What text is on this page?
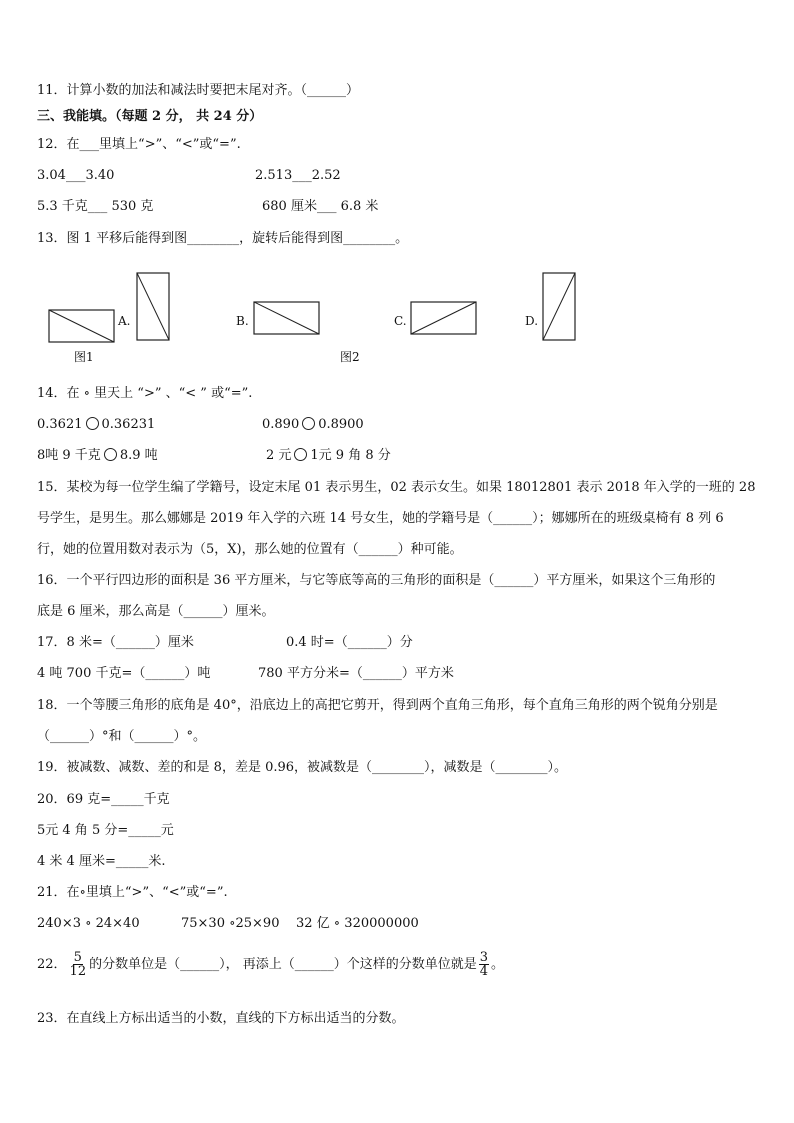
11．计算小数的加法和减法时要把末尾对齐。（______）
三、我能填。（每题 2 分， 共 24 分）
12．在___里填上“>”、“<”或“=”.
3.04___3.40	2.513___2.52
5.3 千克___ 530 克	680 厘米___ 6.8 米
13．图 1 平移后能得到图________，旋转后能得到图________。
A.
图1
B.
图2
C.	D.
14．在 ∘ 里天上 “>” 、“< ” 或“=”.
0.3621 0.36231	0.890 0.8900
8吨 9 千克 8.9 吨	2 元 1元 9 角 8 分
15．某校为每一位学生编了学籍号，设定末尾 01 表示男生，02 表示女生。如果 18012801 表示 2018 年入学的一班的 28
号学生，是男生。那么娜娜是 2019 年入学的六班 14 号女生，她的学籍号是（______）；娜娜所在的班级桌椅有 8 列 6
行，她的位置用数对表示为（5，X)，那么她的位置有（______）种可能。
16．一个平行四边形的面积是 36 平方厘米，与它等底等高的三角形的面积是（______）平方厘米，如果这个三角形的
底是 6 厘米，那么高是（______）厘米。
17．8 米=（______）厘米	0.4 时=（______）分
4 吨 700 千克=（______）吨	780 平方分米=（______）平方米
18．一个等腰三角形的底角是 40°，沿底边上的高把它剪开，得到两个直角三角形，每个直角三角形的两个锐角分别是
（______）°和（______）°。
19．被减数、减数、差的和是 8，差是 0.96，被减数是（________），减数是（________）。
20．69 克=_____千克
5元 4 角 5 分=_____元
4 米 4 厘米=_____米.
21．在∘里填上“>”、“<”或“=”.
240×3 ∘ 24×40	75×30 ∘25×90 32 亿 ∘ 320000000
22． $\frac{5}{12}$ 的分数单位是（______）， 再添上（______）个这样的分数单位就是 $\frac{3}{4}$ 。
23．在直线上方标出适当的小数，直线的下方标出适当的分数。
